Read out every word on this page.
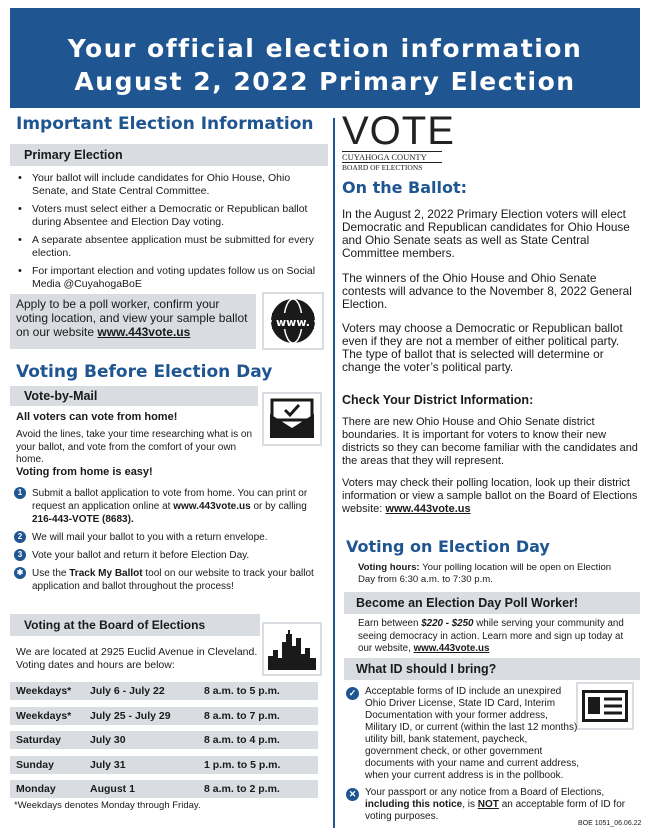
Your official election information
August 2, 2022 Primary Election
Important Election Information
Primary Election
• Your ballot will include candidates for Ohio House, Ohio Senate, and State Central Committee.
• Voters must select either a Democratic or Republican ballot during Absentee and Election Day voting.
• A separate absentee application must be submitted for every election.
• For important election and voting updates follow us on Social Media @CuyahogaBoE
Apply to be a poll worker, confirm your voting location, and view your sample ballot on our website www.443vote.us
www.
Voting Before Election Day
Vote-by-Mail
All voters can vote from home!
Avoid the lines, take your time researching what is on your ballot, and vote from the comfort of your own home.
Voting from home is easy!
1 Submit a ballot application to vote from home. You can print or request an application online at www.443vote.us or by calling 216-443-VOTE (8683).
2 We will mail your ballot to you with a return envelope.
3 Vote your ballot and return it before Election Day.
✱ Use the Track My Ballot tool on our website to track your ballot application and ballot throughout the process!
Voting at the Board of Elections
We are located at 2925 Euclid Avenue in Cleveland. Voting dates and hours are below:
Weekdays*	July 6 - July 22	8 a.m. to 5 p.m.
Weekdays*	July 25 - July 29	8 a.m. to 7 p.m.
Saturday	July 30	8 a.m. to 4 p.m.
Sunday	July 31	1 p.m. to 5 p.m.
Monday	August 1	8 a.m. to 2 p.m.
*Weekdays denotes Monday through Friday.
VOTE
CUYAHOGA COUNTY
BOARD OF ELECTIONS
On the Ballot:

In the August 2, 2022 Primary Election voters will elect Democratic and Republican candidates for Ohio House and Ohio Senate seats as well as State Central Committee members.

The winners of the Ohio House and Ohio Senate contests will advance to the November 8, 2022 General Election.

Voters may choose a Democratic or Republican ballot even if they are not a member of either political party. The type of ballot that is selected will determine or change the voter’s political party.

Check Your District Information:

There are new Ohio House and Ohio Senate district boundaries. It is important for voters to know their new districts so they can become familiar with the candidates and the areas that they will represent.

Voters may check their polling location, look up their district information or view a sample ballot on the Board of Elections website: www.443vote.us

Voting on Election Day
Voting hours: Your polling location will be open on Election Day from 6:30 a.m. to 7:30 p.m.
Become an Election Day Poll Worker!
Earn between $220 - $250 while serving your community and seeing democracy in action. Learn more and sign up today at our website, www.443vote.us
What ID should I bring?
✓ Acceptable forms of ID include an unexpired Ohio Driver License, State ID Card, Interim Documentation with your former address, Military ID, or current (within the last 12 months) utility bill, bank statement, paycheck, government check, or other government documents with your name and current address, when your current address is in the pollbook.
✕ Your passport or any notice from a Board of Elections, including this notice, is NOT an acceptable form of ID for voting purposes.
BOE 1051_06.06.22
